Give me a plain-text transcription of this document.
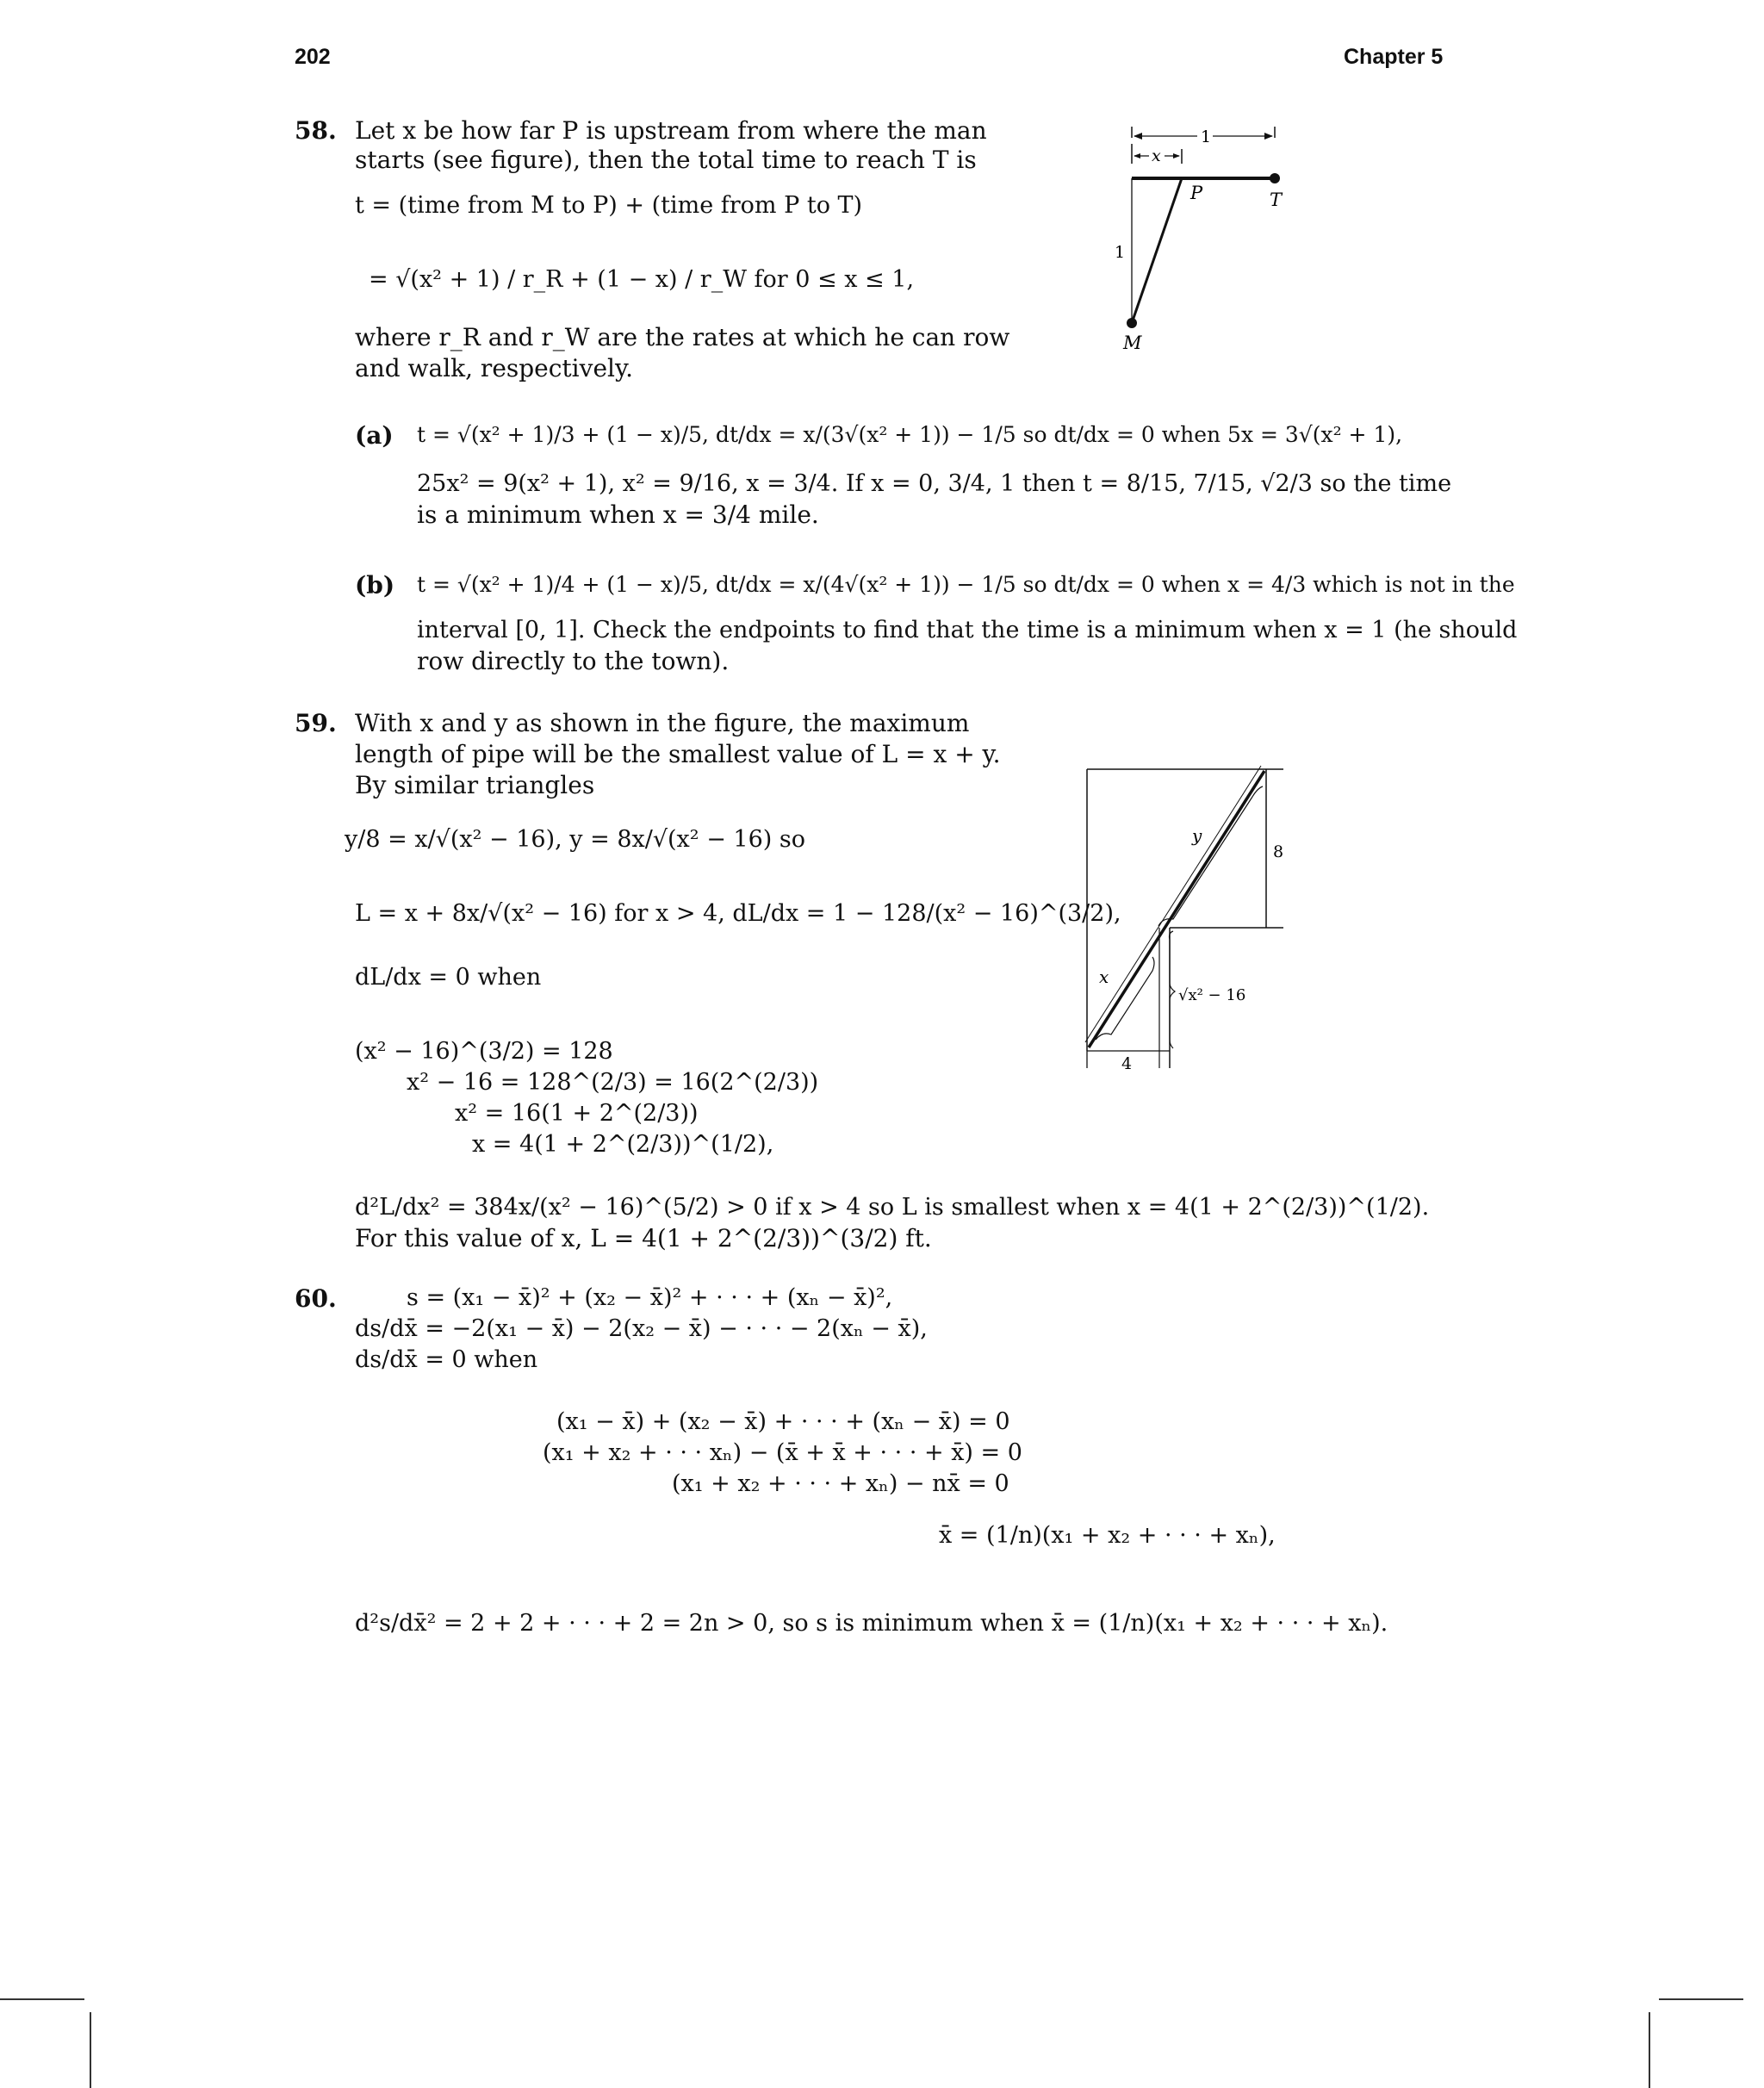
202	Chapter 5
58. Let x be how far P is upstream from where the man
starts (see figure), then the total time to reach T is
t = (time from M to P) + (time from P to T)
= √(x² + 1) / r_R + (1 − x) / r_W for 0 ≤ x ≤ 1,
where r_R and r_W are the rates at which he can row
and walk, respectively.
(a) t = √(x² + 1)/3 + (1 − x)/5, dt/dx = x/(3√(x² + 1)) − 1/5 so dt/dx = 0 when 5x = 3√(x² + 1),
25x² = 9(x² + 1), x² = 9/16, x = 3/4. If x = 0, 3/4, 1 then t = 8/15, 7/15, √2/3 so the time
is a minimum when x = 3/4 mile.
(b) t = √(x² + 1)/4 + (1 − x)/5, dt/dx = x/(4√(x² + 1)) − 1/5 so dt/dx = 0 when x = 4/3 which is not in the
interval [0, 1]. Check the endpoints to find that the time is a minimum when x = 1 (he should
row directly to the town).
1
x
P	T
1
M
59. With x and y as shown in the figure, the maximum
length of pipe will be the smallest value of L = x + y.
By similar triangles
y/8 = x/√(x² − 16), y = 8x/√(x² − 16) so
L = x + 8x/√(x² − 16) for x > 4, dL/dx = 1 − 128/(x² − 16)^(3/2),
dL/dx = 0 when
(x² − 16)^(3/2) = 128
x² − 16 = 128^(2/3) = 16(2^(2/3))
x² = 16(1 + 2^(2/3))
x = 4(1 + 2^(2/3))^(1/2),
d²L/dx² = 384x/(x² − 16)^(5/2) > 0 if x > 4 so L is smallest when x = 4(1 + 2^(2/3))^(1/2).
For this value of x, L = 4(1 + 2^(2/3))^(3/2) ft.
y
8
x
√x² − 16
4
60.	s = (x₁ − x̄)² + (x₂ − x̄)² + · · · + (xₙ − x̄)²,
ds/dx̄ = −2(x₁ − x̄) − 2(x₂ − x̄) − · · · − 2(xₙ − x̄),
ds/dx̄ = 0 when
(x₁ − x̄) + (x₂ − x̄) + · · · + (xₙ − x̄) = 0
(x₁ + x₂ + · · · xₙ) − (x̄ + x̄ + · · · + x̄) = 0
(x₁ + x₂ + · · · + xₙ) − nx̄ = 0
x̄ = (1/n)(x₁ + x₂ + · · · + xₙ),
d²s/dx̄² = 2 + 2 + · · · + 2 = 2n > 0, so s is minimum when x̄ = (1/n)(x₁ + x₂ + · · · + xₙ).
